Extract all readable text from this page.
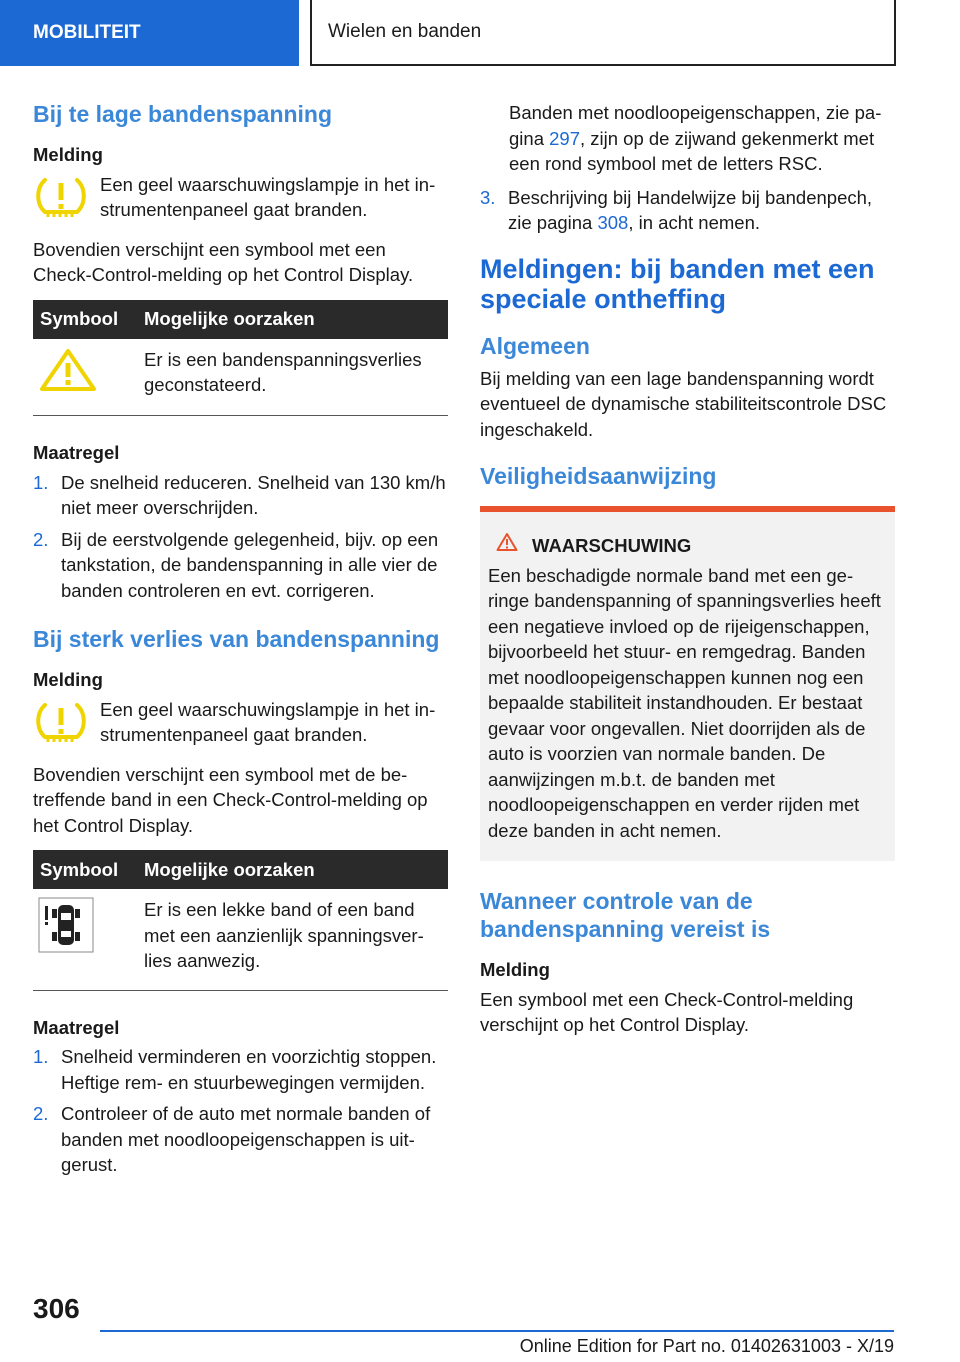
MOBILITEIT	Wielen en banden
Bij te lage bandenspanning
Melding
Een geel waarschuwingslampje in het instrumentenpaneel gaat branden.

Bovendien verschijnt een symbool met een Check-Control-melding op het Control Display.

Symbool	Mogelijke oorzaken
	Er is een bandenspanningsverlies geconstateerd.
Maatregel
1. De snelheid reduceren. Snelheid van 130 km/h niet meer overschrijden.
2. Bij de eerstvolgende gelegenheid, bijv. op een tankstation, de bandenspanning in alle vier de banden controleren en evt. corrigeren.
Bij sterk verlies van bandenspanning
Melding
Een geel waarschuwingslampje in het instrumentenpaneel gaat branden.

Bovendien verschijnt een symbool met de betreffende band in een Check-Control-melding op het Control Display.

Symbool	Mogelijke oorzaken
	Er is een lekke band of een band met een aanzienlijk spanningsverlies aanwezig.
Maatregel
1. Snelheid verminderen en voorzichtig stoppen. Heftige rem- en stuurbewegingen vermijden.
2. Controleer of de auto met normale banden of banden met noodloopeigenschappen is uitgerust.
Banden met noodloopeigenschappen, zie pagina 297, zijn op de zijwand gekenmerkt met een rond symbool met de letters RSC.
3. Beschrijving bij Handelwijze bij bandenpech, zie pagina 308, in acht nemen.
Meldingen: bij banden met een speciale ontheffing
Algemeen

Bij melding van een lage bandenspanning wordt eventueel de dynamische stabiliteitscontrole DSC ingeschakeld.

Veiligheidsaanwijzing
WAARSCHUWING
Een beschadigde normale band met een geringe bandenspanning of spanningsverlies heeft een negatieve invloed op de rijeigenschappen, bijvoorbeeld het stuur- en remgedrag. Banden met noodloopeigenschappen kunnen nog een bepaalde stabiliteit instandhouden. Er bestaat gevaar voor ongevallen. Niet doorrijden als de auto is voorzien van normale banden. De aanwijzingen m.b.t. de banden met noodloopeigenschappen en verder rijden met deze banden in acht nemen.
Wanneer controle van de bandenspanning vereist is
Melding

Een symbool met een Check-Control-melding verschijnt op het Control Display.

306
Online Edition for Part no. 01402631003 - X/19
